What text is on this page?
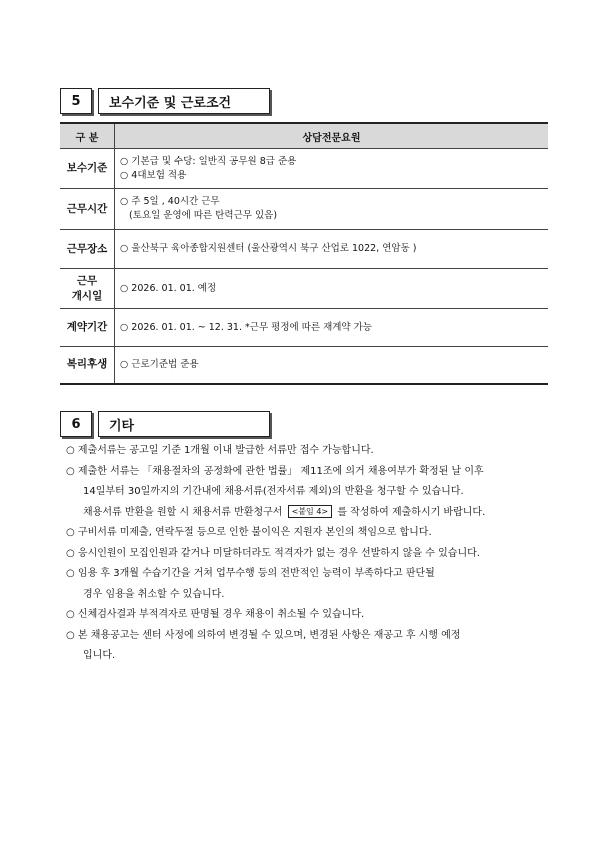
5	보수기준 및 근로조건
구 분	상담전문요원
보수기준	○ 기본급 및 수당: 일반직 공무원 8급 준용
○ 4대보험 적용

근무시간	○ 주 5일 , 40시간 근무
(토요일 운영에 따른 탄력근무 있음)

근무장소	○ 울산북구 육아종합지원센터 (울산광역시 북구 산업로 1022, 연암동 )

근무
개시일	○ 2026. 01. 01. 예정

계약기간	○ 2026. 01. 01. ~ 12. 31. *근무 평정에 따른 재계약 가능

복리후생	○ 근로기준법 준용
6	기타
○ 제출서류는 공고일 기준 1개월 이내 발급한 서류만 접수 가능합니다.
○ 제출한 서류는 「채용절차의 공정화에 관한 법률」 제11조에 의거 채용여부가 확정된 날 이후
14일부터 30일까지의 기간내에 채용서류(전자서류 제외)의 반환을 청구할 수 있습니다.
채용서류 반환을 원할 시 채용서류 반환청구서 <붙임 4> 를 작성하여 제출하시기 바랍니다.
○ 구비서류 미제출, 연락두절 등으로 인한 불이익은 지원자 본인의 책임으로 합니다.
○ 응시인원이 모집인원과 같거나 미달하더라도 적격자가 없는 경우 선발하지 않을 수 있습니다.
○ 임용 후 3개월 수습기간을 거쳐 업무수행 등의 전반적인 능력이 부족하다고 판단될
경우 임용을 취소할 수 있습니다.
○ 신체검사결과 부적격자로 판명될 경우 채용이 취소될 수 있습니다.
○ 본 채용공고는 센터 사정에 의하여 변경될 수 있으며, 변경된 사항은 재공고 후 시행 예정
입니다.
